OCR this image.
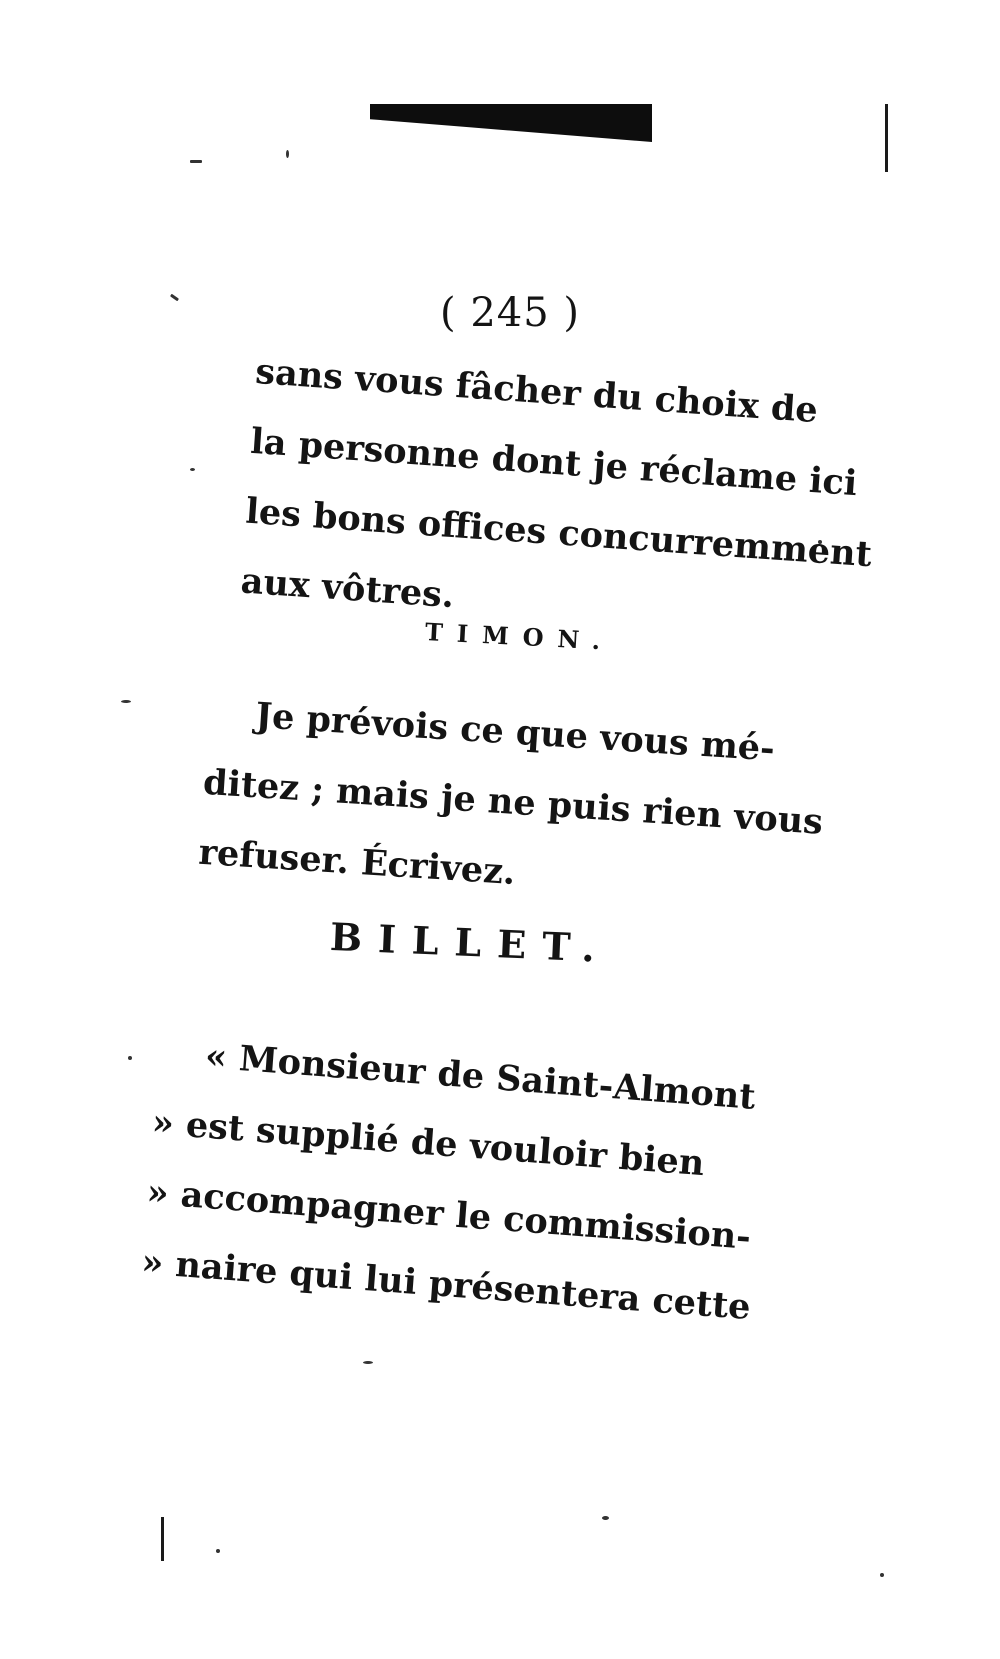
( 245 )
sans vous fâcher du choix de
la personne dont je réclame ici
les bons offices concurremment
aux vôtres.
TIMON.
Je prévois ce que vous mé-
ditez ; mais je ne puis rien vous
refuser. Écrivez.
BILLET.
« Monsieur de Saint-Almont
» est supplié de vouloir bien
» accompagner le commission-
» naire qui lui présentera cette
